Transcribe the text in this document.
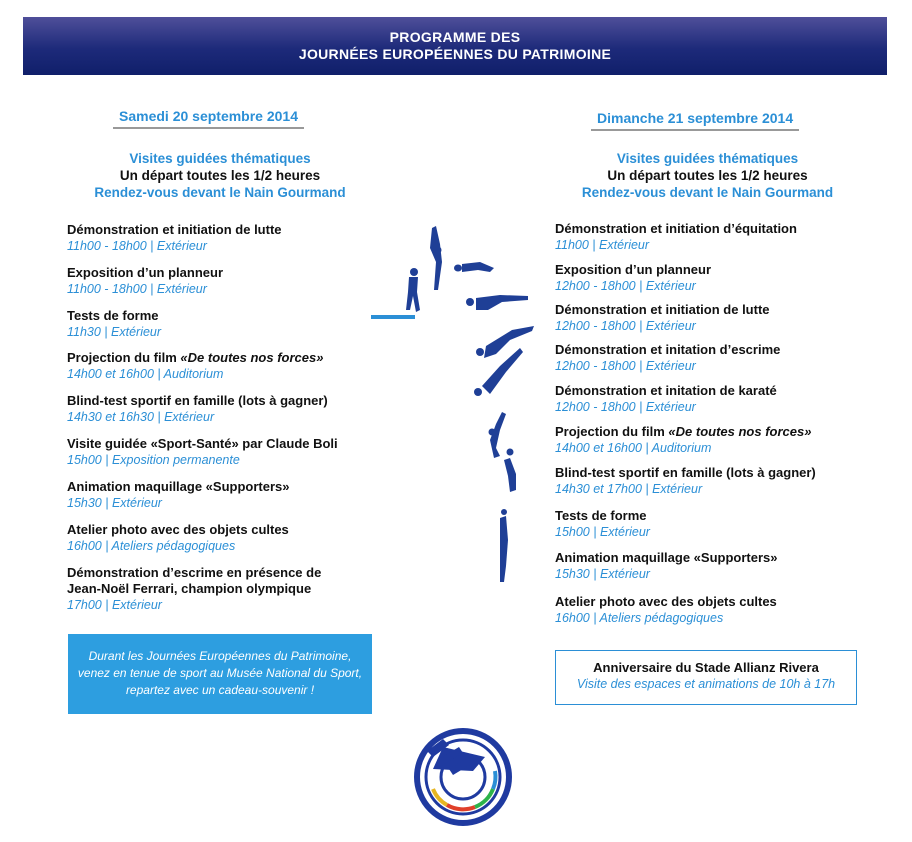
PROGRAMME DES
JOURNÉES EUROPÉENNES DU PATRIMOINE
Samedi 20 septembre 2014
Visites guidées thématiques
Un départ toutes les 1/2 heures
Rendez-vous devant le Nain Gourmand
Démonstration et initiation de lutte
11h00 - 18h00 | Extérieur
Exposition d’un planneur
11h00 - 18h00 | Extérieur
Tests de forme
11h30 | Extérieur
Projection du film «De toutes nos forces»
14h00 et 16h00 | Auditorium
Blind-test sportif en famille (lots à gagner)
14h30 et 16h30 | Extérieur
Visite guidée «Sport-Santé» par Claude Boli
15h00 | Exposition permanente
Animation maquillage «Supporters»
15h30 | Extérieur
Atelier photo avec des objets cultes
16h00 | Ateliers pédagogiques
Démonstration d’escrime en présence de
Jean-Noël Ferrari, champion olympique
17h00 | Extérieur
Durant les Journées Européennes du Patrimoine,
venez en tenue de sport au Musée National du Sport,
repartez avec un cadeau-souvenir !
Dimanche 21 septembre 2014
Visites guidées thématiques
Un départ toutes les 1/2 heures
Rendez-vous devant le Nain Gourmand
Démonstration et initiation d’équitation
11h00 | Extérieur
Exposition d’un planneur
12h00 - 18h00 | Extérieur
Démonstration et initiation de lutte
12h00 - 18h00 | Extérieur
Démonstration et initation d’escrime
12h00 - 18h00 | Extérieur
Démonstration et initation de karaté
12h00 - 18h00 | Extérieur
Projection du film «De toutes nos forces»
14h00 et 16h00 | Auditorium
Blind-test sportif en famille (lots à gagner)
14h30 et 17h00 | Extérieur
Tests de forme
15h00 | Extérieur
Animation maquillage «Supporters»
15h30 | Extérieur
Atelier photo avec des objets cultes
16h00 | Ateliers pédagogiques
Anniversaire du Stade Allianz Rivera
Visite des espaces et animations de 10h à 17h
